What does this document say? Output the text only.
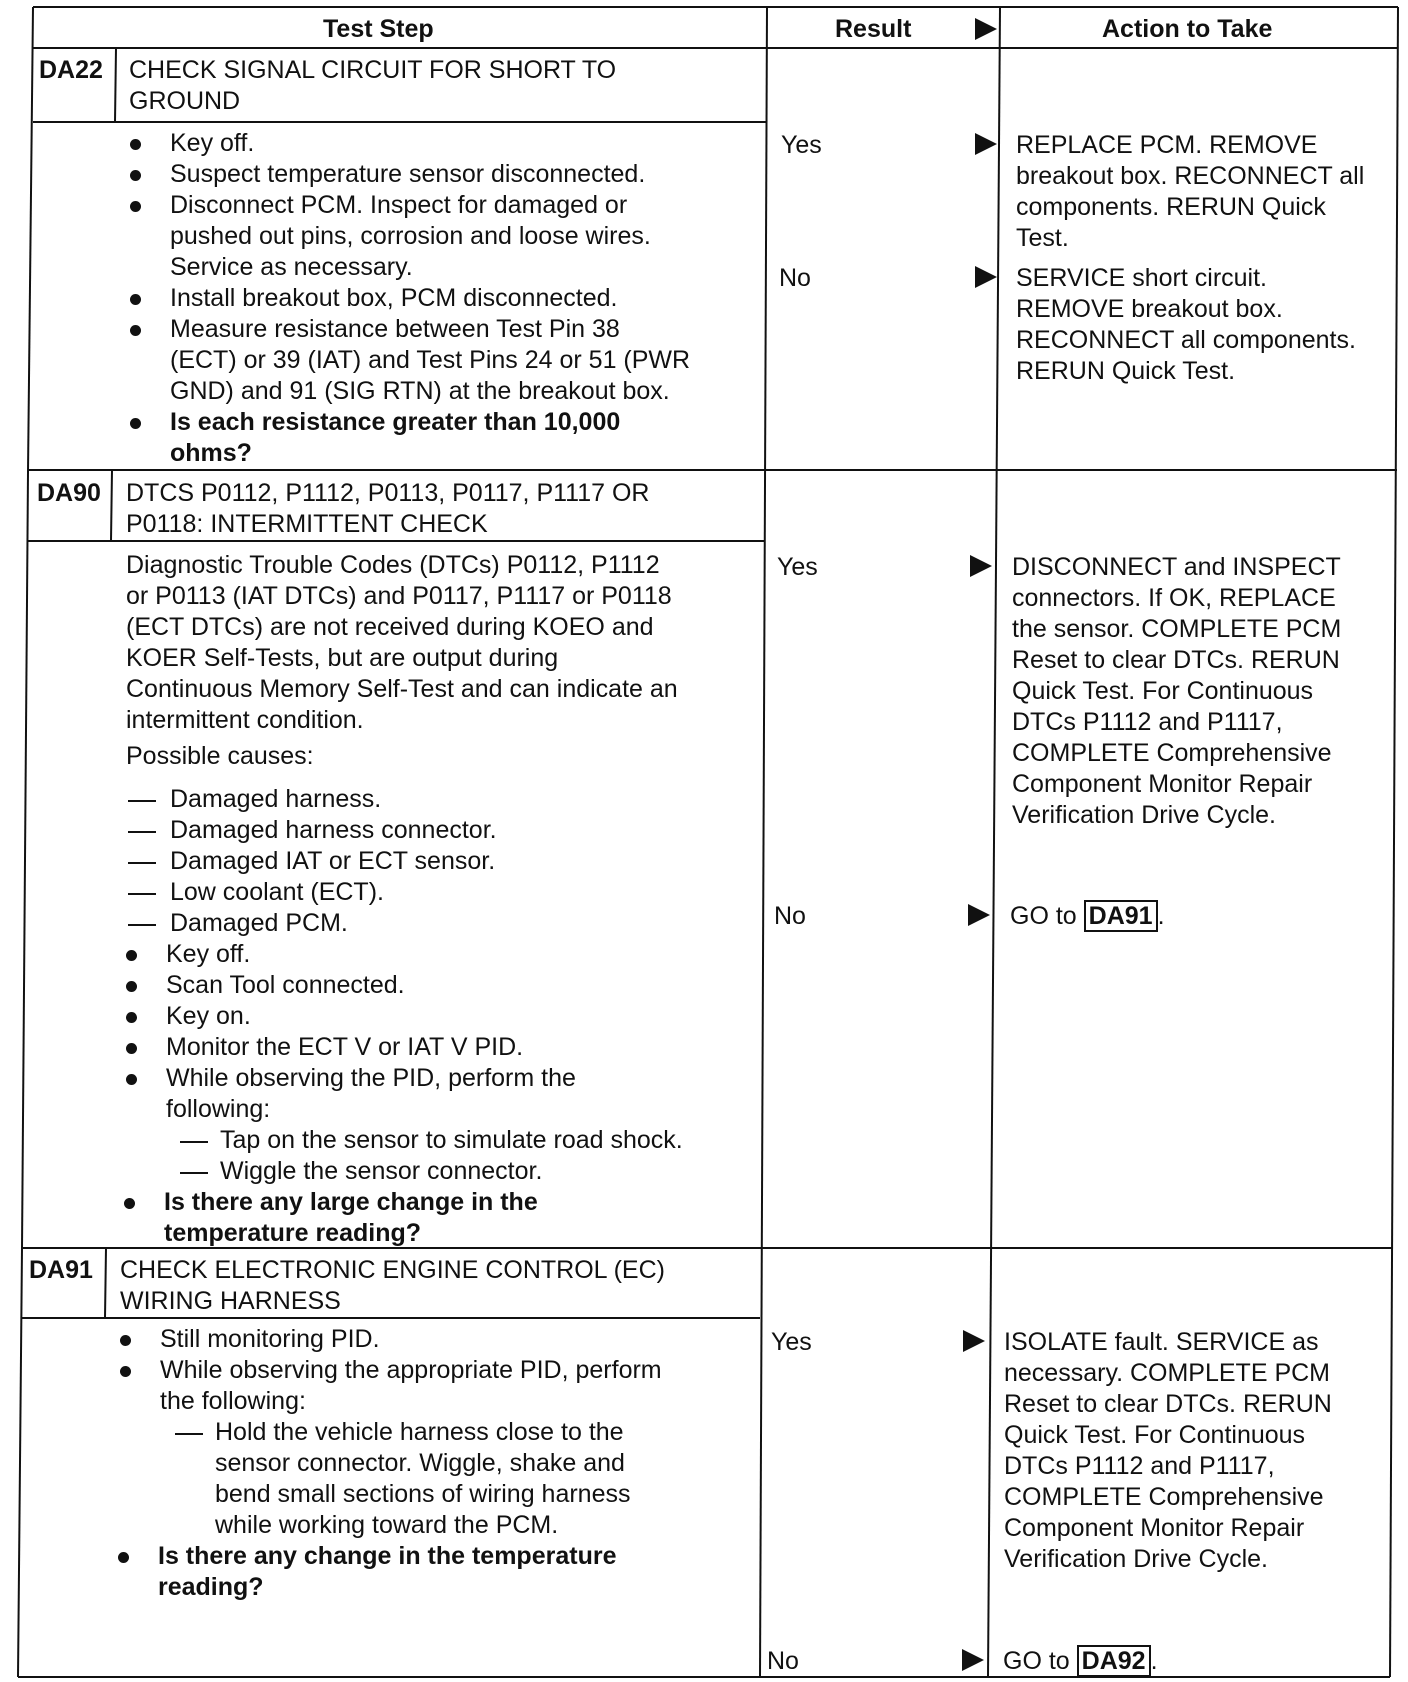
Test Step	Result	Action to Take
DA22 CHECK SIGNAL CIRCUIT FOR SHORT TO
GROUND
Key off.
Suspect temperature sensor disconnected.
Disconnect PCM. Inspect for damaged or
pushed out pins, corrosion and loose wires.
Service as necessary.
Install breakout box, PCM disconnected.
Measure resistance between Test Pin 38
(ECT) or 39 (IAT) and Test Pins 24 or 51 (PWR
GND) and 91 (SIG RTN) at the breakout box.
Is each resistance greater than 10,000
ohms?
Yes	REPLACE PCM. REMOVE
breakout box. RECONNECT all
components. RERUN Quick
Test.
No	SERVICE short circuit.
REMOVE breakout box.
RECONNECT all components.
RERUN Quick Test.
DA90 DTCS P0112, P1112, P0113, P0117, P1117 OR
P0118: INTERMITTENT CHECK
Diagnostic Trouble Codes (DTCs) P0112, P1112
or P0113 (IAT DTCs) and P0117, P1117 or P0118
(ECT DTCs) are not received during KOEO and
KOER Self-Tests, but are output during
Continuous Memory Self-Test and can indicate an
intermittent condition.
Possible causes:
Damaged harness.
Damaged harness connector.
Damaged IAT or ECT sensor.
Low coolant (ECT).
Damaged PCM.
Key off.
Scan Tool connected.
Key on.
Monitor the ECT V or IAT V PID.
While observing the PID, perform the
following:
Tap on the sensor to simulate road shock.
Wiggle the sensor connector.
Is there any large change in the
temperature reading?
Yes	DISCONNECT and INSPECT
connectors. If OK, REPLACE
the sensor. COMPLETE PCM
Reset to clear DTCs. RERUN
Quick Test. For Continuous
DTCs P1112 and P1117,
COMPLETE Comprehensive
Component Monitor Repair
Verification Drive Cycle.
No	GO to DA91 .
DA91 CHECK ELECTRONIC ENGINE CONTROL (EC)
WIRING HARNESS
Still monitoring PID.
While observing the appropriate PID, perform
the following:
Hold the vehicle harness close to the
sensor connector. Wiggle, shake and
bend small sections of wiring harness
while working toward the PCM.
Is there any change in the temperature
reading?
Yes	ISOLATE fault. SERVICE as
necessary. COMPLETE PCM
Reset to clear DTCs. RERUN
Quick Test. For Continuous
DTCs P1112 and P1117,
COMPLETE Comprehensive
Component Monitor Repair
Verification Drive Cycle.
No	GO to DA92 .
